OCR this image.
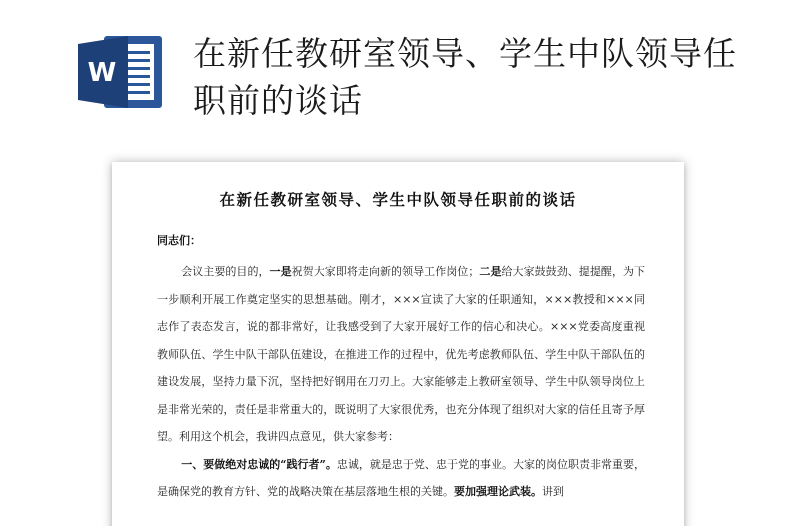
W 在新任教研室领导、学生中队领导任职前的谈话
在新任教研室领导、学生中队领导任职前的谈话
同志们：

会议主要的目的，一是祝贺大家即将走向新的领导工作岗位；二是给大家鼓鼓劲、提提醒，为下一步顺利开展工作奠定坚实的思想基础。刚才，×××宣读了大家的任职通知，×××教授和×××同志作了表态发言，说的都非常好，让我感受到了大家开展好工作的信心和决心。×××党委高度重视教师队伍、学生中队干部队伍建设，在推进工作的过程中，优先考虑教师队伍、学生中队干部队伍的建设发展，坚持力量下沉，坚持把好钢用在刀刃上。大家能够走上教研室领导、学生中队领导岗位上是非常光荣的，责任是非常重大的，既说明了大家很优秀，也充分体现了组织对大家的信任且寄予厚望。利用这个机会，我讲四点意见，供大家参考：

一、要做绝对忠诚的“践行者”。忠诚，就是忠于党、忠于党的事业。大家的岗位职责非常重要，是确保党的教育方针、党的战略决策在基层落地生根的关键。要加强理论武装。讲到
